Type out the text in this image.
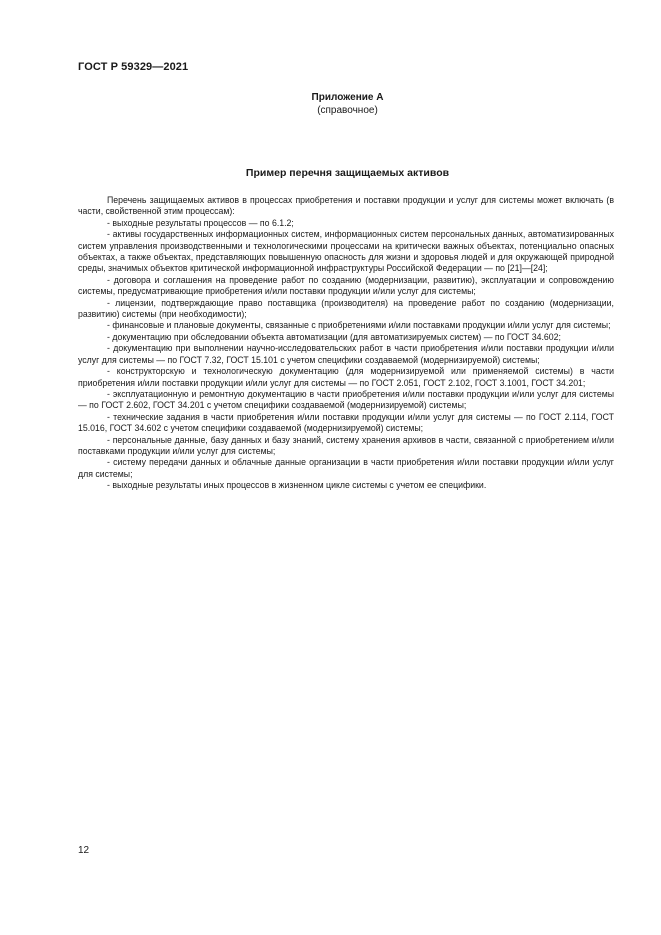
ГОСТ Р 59329—2021
Приложение А
(справочное)
Пример перечня защищаемых активов

Перечень защищаемых активов в процессах приобретения и поставки продукции и услуг для системы может включать (в части, свойственной этим процессам):

- выходные результаты процессов — по 6.1.2;

- активы государственных информационных систем, информационных систем персональных данных, автоматизированных систем управления производственными и технологическими процессами на критически важных объектах, потенциально опасных объектах, а также объектах, представляющих повышенную опасность для жизни и здоровья людей и для окружающей природной среды, значимых объектов критической информационной инфраструктуры Российской Федерации — по [21]—[24];

- договора и соглашения на проведение работ по созданию (модернизации, развитию), эксплуатации и сопровождению системы, предусматривающие приобретения и/или поставки продукции и/или услуг для системы;

- лицензии, подтверждающие право поставщика (производителя) на проведение работ по созданию (модернизации, развитию) системы (при необходимости);

- финансовые и плановые документы, связанные с приобретениями и/или поставками продукции и/или услуг для системы;

- документацию при обследовании объекта автоматизации (для автоматизируемых систем) — по ГОСТ 34.602;

- документацию при выполнении научно-исследовательских работ в части приобретения и/или поставки продукции и/или услуг для системы — по ГОСТ 7.32, ГОСТ 15.101 с учетом специфики создаваемой (модернизируемой) системы;

- конструкторскую и технологическую документацию (для модернизируемой или применяемой системы) в части приобретения и/или поставки продукции и/или услуг для системы — по ГОСТ 2.051, ГОСТ 2.102, ГОСТ 3.1001, ГОСТ 34.201;

- эксплуатационную и ремонтную документацию в части приобретения и/или поставки продукции и/или услуг для системы — по ГОСТ 2.602, ГОСТ 34.201 с учетом специфики создаваемой (модернизируемой) системы;

- технические задания в части приобретения и/или поставки продукции и/или услуг для системы — по ГОСТ 2.114, ГОСТ 15.016, ГОСТ 34.602 с учетом специфики создаваемой (модернизируемой) системы;

- персональные данные, базу данных и базу знаний, систему хранения архивов в части, связанной с приобретением и/или поставками продукции и/или услуг для системы;

- систему передачи данных и облачные данные организации в части приобретения и/или поставки продукции и/или услуг для системы;

- выходные результаты иных процессов в жизненном цикле системы с учетом ее специфики.

12
